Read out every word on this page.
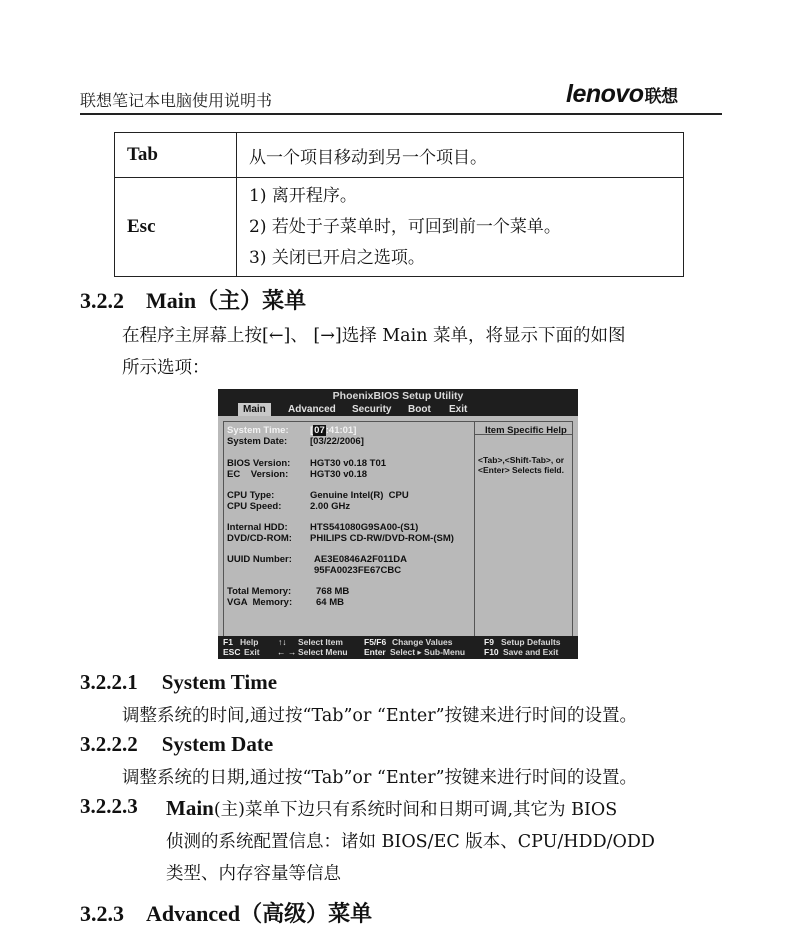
联想笔记本电脑使用说明书	lenovo联想
Tab	从一个项目移动到另一个项目。
Esc	1) 离开程序。
2) 若处于子菜单时，可回到前一个菜单。
3) 关闭已开启之选项。
3.2.2 Main（主）菜单
在程序主屏幕上按[←]、 [→]选择 Main 菜单，将显示下面的如图
所示选项：
PhoenixBIOS Setup Utility
Main	Advanced Security Boot Exit
System Time: [07:41:01]
System Date: [03/22/2006]
BIOS Version: HGT30 v0.18 T01
EC    Version: HGT30 v0.18
CPU Type:	Genuine Intel(R)  CPU
CPU Speed:	2.00 GHz
Internal HDD: HTS541080G9SA00-(S1)
DVD/CD-ROM: PHILIPS CD-RW/DVD-ROM-(SM)
UUID Number: AE3E0846A2F011DA
95FA0023FE67CBC
Total Memory:	768 MB
VGA  Memory:	64 MB
Item Specific Help
<Tab>,<Shift-Tab>, or <Enter> Selects field.
F1 Help
ESC Exit
↑↓ Select Item
← → Select Menu
F5/F6 Change Values
Enter Select ▸ Sub-Menu
F9 Setup Defaults
F10 Save and Exit
3.2.2.1 System Time
调整系统的时间,通过按“Tab”or “Enter”按键来进行时间的设置。
3.2.2.2 System Date
调整系统的日期,通过按“Tab”or “Enter”按键来进行时间的设置。
3.2.2.3 Main(主)菜单下边只有系统时间和日期可调,其它为 BIOS
侦测的系统配置信息：诸如 BIOS/EC 版本、CPU/HDD/ODD
类型、内存容量等信息
3.2.3 Advanced（高级）菜单
